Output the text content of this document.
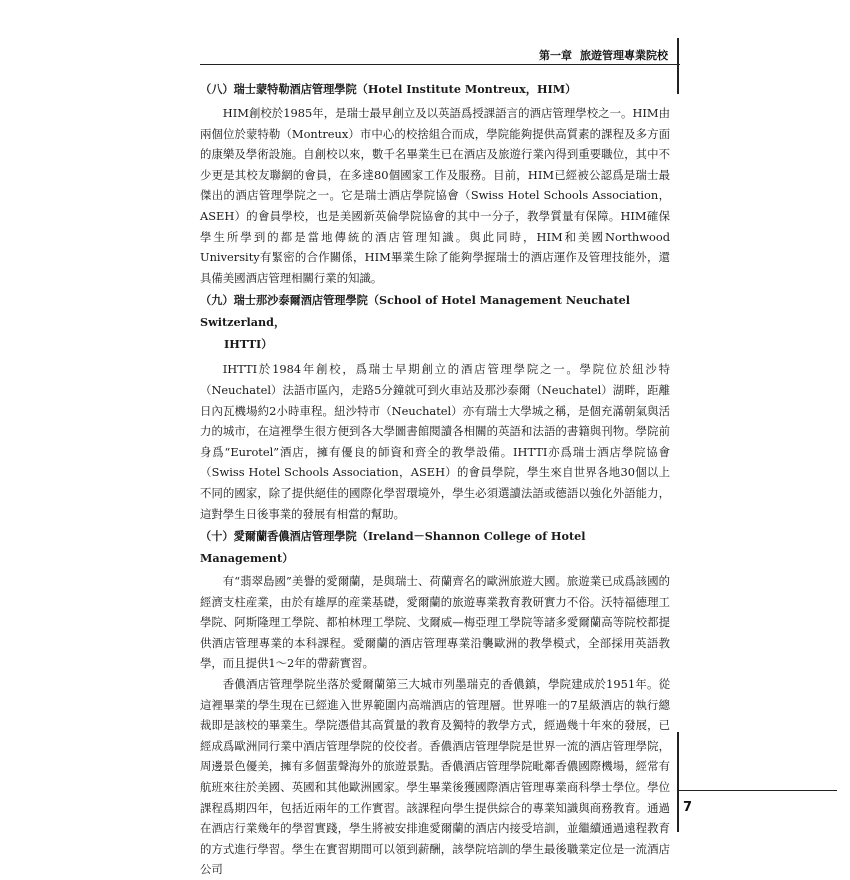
第一章 旅遊管理專業院校
（八）瑞士蒙特勒酒店管理學院（Hotel Institute Montreux，HIM）

HIM創校於1985年，是瑞士最早創立及以英語爲授課語言的酒店管理學校之一。HIM由兩個位於蒙特勒（Montreux）市中心的校捨組合而成，學院能夠提供高質素的課程及多方面的康樂及學術設施。自創校以來，數千名畢業生已在酒店及旅遊行業內得到重要職位，其中不少更是其校友聯網的會員，在多達80個國家工作及服務。目前，HIM已經被公認爲是瑞士最傑出的酒店管理學院之一。它是瑞士酒店學院協會（Swiss Hotel Schools Association，ASEH）的會員學校，也是美國新英倫學院協會的其中一分子，教學質量有保障。HIM確保學生所學到的都是當地傳統的酒店管理知識。與此同時，HIM和美國Northwood University有緊密的合作關係，HIM畢業生除了能夠學握瑞士的酒店運作及管理技能外，還具備美國酒店管理相關行業的知識。

（九）瑞士那沙泰爾酒店管理學院（School of Hotel Management Neuchatel Switzerland，
IHTTI）

IHTTI於1984年創校，爲瑞士早期創立的酒店管理學院之一。學院位於紐沙特（Neuchatel）法語市區內，走路5分鐘就可到火車站及那沙泰爾（Neuchatel）湖畔，距離日內瓦機場約2小時車程。紐沙特市（Neuchatel）亦有瑞士大學城之稱，是個充滿朝氣與活力的城市，在這裡學生很方便到各大學圖書館閱讀各相關的英語和法語的書籍與刊物。學院前身爲“Eurotel”酒店，擁有優良的師資和齊全的教學設備。IHTTI亦爲瑞士酒店學院協會（Swiss Hotel Schools Association，ASEH）的會員學院，學生來自世界各地30個以上不同的國家，除了提供絕佳的國際化學習環境外，學生必須選讀法語或德語以強化外語能力，這對學生日後事業的發展有相當的幫助。

（十）愛爾蘭香儂酒店管理學院（Ireland－Shannon College of Hotel Management）

有“翡翠島國”美譽的愛爾蘭，是與瑞士、荷蘭齊名的歐洲旅遊大國。旅遊業已成爲該國的經濟支柱産業，由於有雄厚的産業基礎，愛爾蘭的旅遊專業教育教研實力不俗。沃特福德理工學院、阿斯隆理工學院、都柏林理工學院、戈爾威—梅亞理工學院等諸多愛爾蘭高等院校都提供酒店管理專業的本科課程。愛爾蘭的酒店管理專業沿襲歐洲的教學模式，全部採用英語教學，而且提供1～2年的帶薪實習。

香儂酒店管理學院坐落於愛爾蘭第三大城市列墨瑞克的香儂鎮，學院建成於1951年。從這裡畢業的學生現在已經進入世界範圍内高端酒店的管理層。世界唯一的7星級酒店的執行總裁即是該校的畢業生。學院憑借其高質量的教育及獨特的教學方式，經過幾十年來的發展，已經成爲歐洲同行業中酒店管理學院的佼佼者。香儂酒店管理學院是世界一流的酒店管理學院，周邊景色優美，擁有多個蜚聲海外的旅遊景點。香儂酒店管理學院毗鄰香儂國際機場，經常有航班來往於美國、英國和其他歐洲國家。學生畢業後獲國際酒店管理專業商科學士學位。學位課程爲期四年，包括近兩年的工作實習。該課程向學生提供綜合的專業知識與商務教育。通過在酒店行業幾年的學習實踐，學生將被安排進愛爾蘭的酒店内接受培訓，並繼續通過遠程教育的方式進行學習。學生在實習期間可以領到薪酬，該學院培訓的學生最後職業定位是一流酒店公司

7
